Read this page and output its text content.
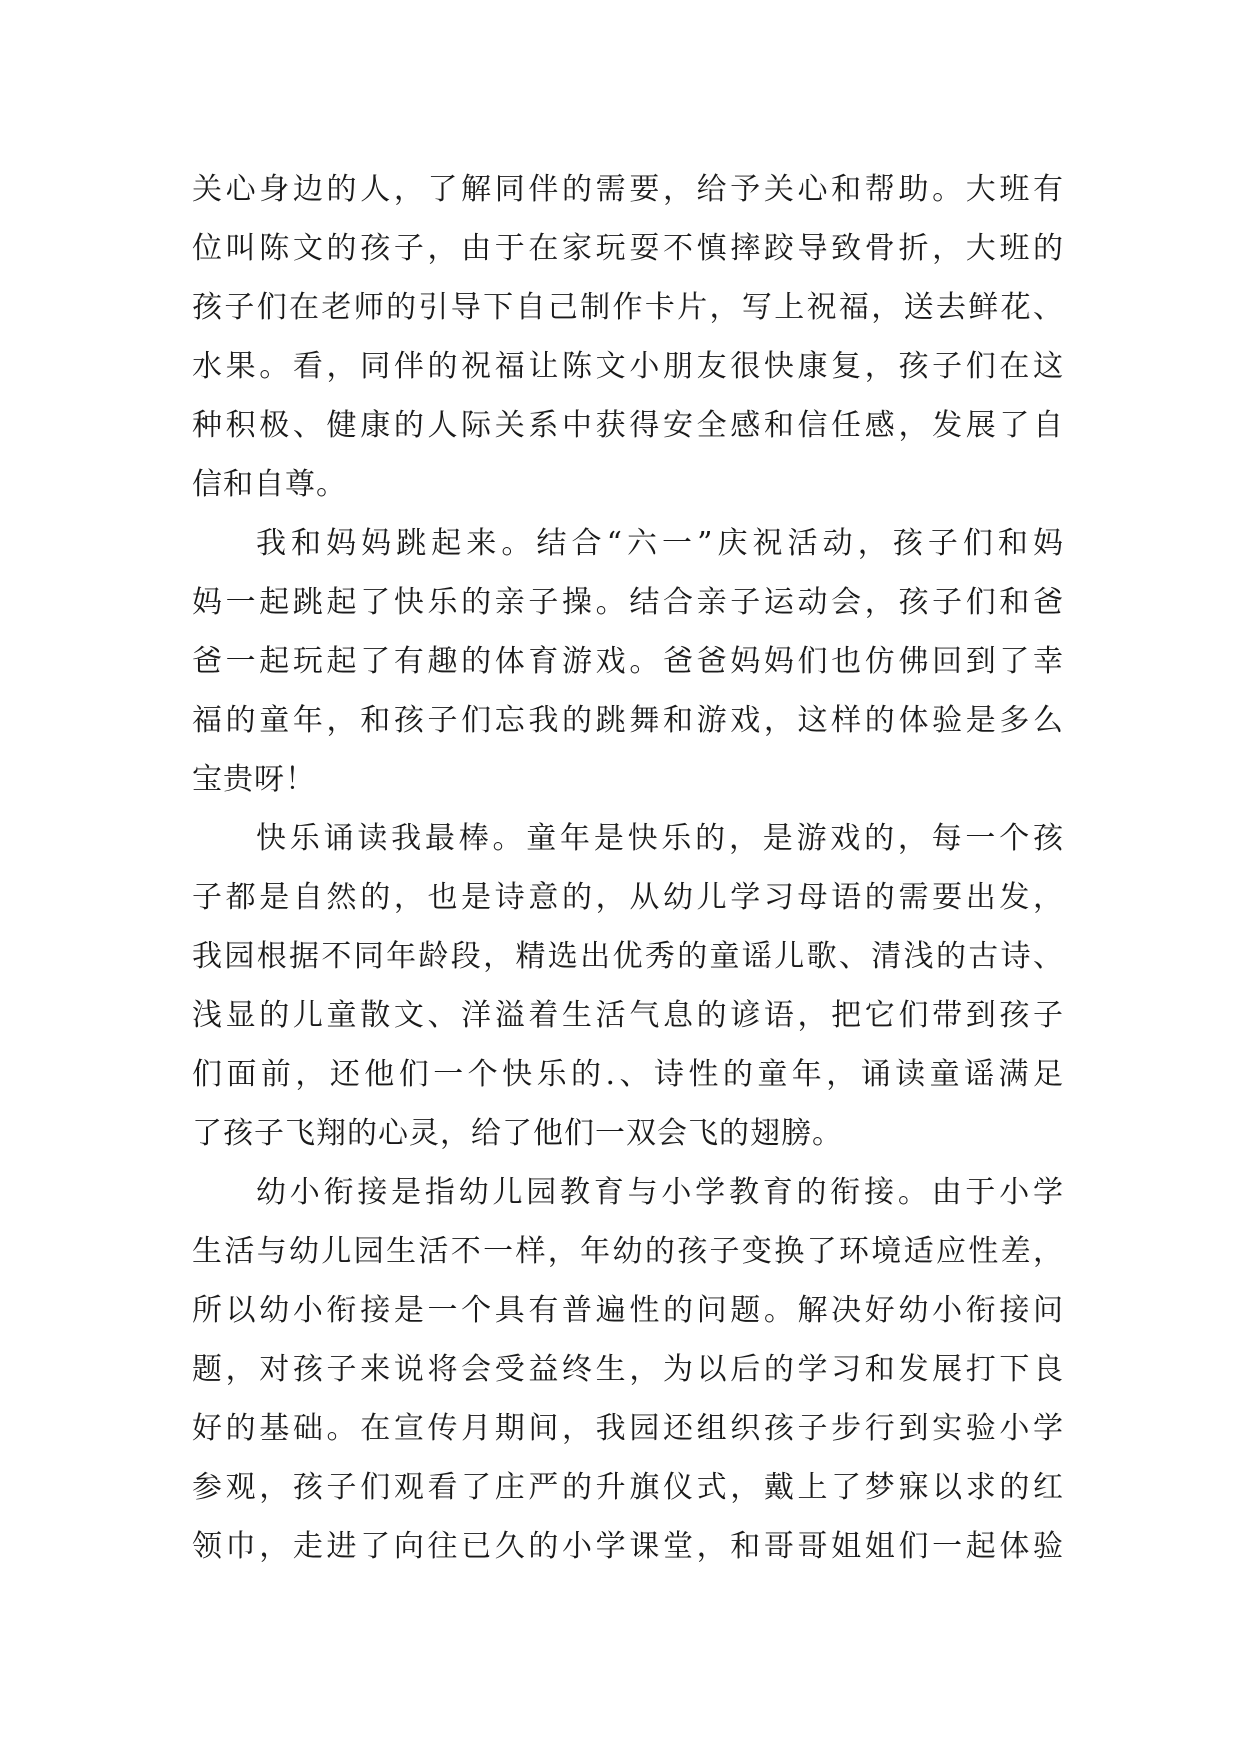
关心身边的人，了解同伴的需要，给予关心和帮助。大班有
位叫陈文的孩子，由于在家玩耍不慎摔跤导致骨折，大班的
孩子们在老师的引导下自己制作卡片，写上祝福，送去鲜花、
水果。看，同伴的祝福让陈文小朋友很快康复，孩子们在这
种积极、健康的人际关系中获得安全感和信任感，发展了自
信和自尊。
我和妈妈跳起来。结合“六一”庆祝活动，孩子们和妈
妈一起跳起了快乐的亲子操。结合亲子运动会，孩子们和爸
爸一起玩起了有趣的体育游戏。爸爸妈妈们也仿佛回到了幸
福的童年，和孩子们忘我的跳舞和游戏，这样的体验是多么
宝贵呀！
快乐诵读我最棒。童年是快乐的，是游戏的，每一个孩
子都是自然的，也是诗意的，从幼儿学习母语的需要出发，
我园根据不同年龄段，精选出优秀的童谣儿歌、清浅的古诗、
浅显的儿童散文、洋溢着生活气息的谚语，把它们带到孩子
们面前，还他们一个快乐的.、诗性的童年，诵读童谣满足
了孩子飞翔的心灵，给了他们一双会飞的翅膀。
幼小衔接是指幼儿园教育与小学教育的衔接。由于小学
生活与幼儿园生活不一样，年幼的孩子变换了环境适应性差，
所以幼小衔接是一个具有普遍性的问题。解决好幼小衔接问
题，对孩子来说将会受益终生，为以后的学习和发展打下良
好的基础。在宣传月期间，我园还组织孩子步行到实验小学
参观，孩子们观看了庄严的升旗仪式，戴上了梦寐以求的红
领巾，走进了向往已久的小学课堂，和哥哥姐姐们一起体验
